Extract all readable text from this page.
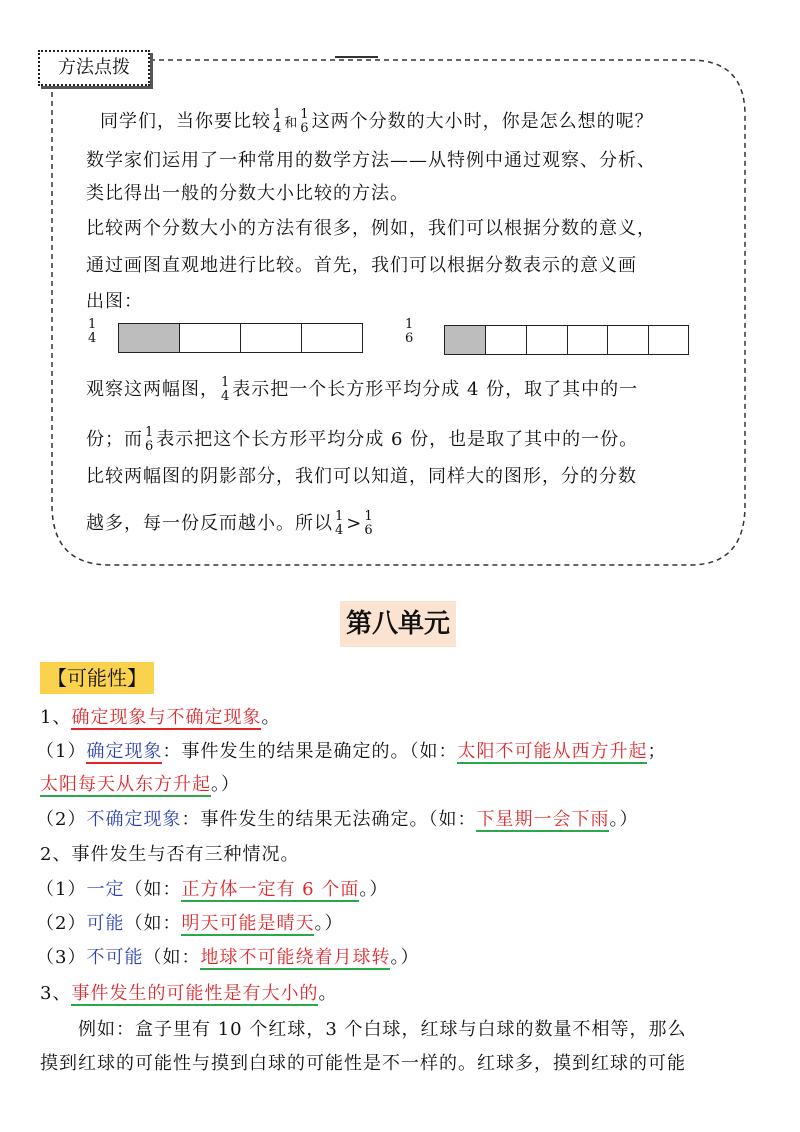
方法点拨
同学们，当你要比较 1
4 和
1
6 这两个分数的大小时，你是怎么想的呢？
数学家们运用了一种常用的数学方法——从特例中通过观察、分析、
类比得出一般的分数大小比较的方法。
比较两个分数大小的方法有很多，例如，我们可以根据分数的意义，
通过画图直观地进行比较。首先，我们可以根据分数表示的意义画
出图：
1
4
1
6
观察这两幅图， 1
4 表示把一个长方形平均分成 4 份，取了其中的一
份；而 1
6 表示把这个长方形平均分成 6 份，也是取了其中的一份。
比较两幅图的阴影部分，我们可以知道，同样大的图形，分的分数
越多，每一份反而越小。所以 1
4 > 1
6
第八单元
【可能性】
1、确定现象与不确定现象。
（1）确定现象：事件发生的结果是确定的。（如：太阳不可能从西方升起；
太阳每天从东方升起。）
（2）不确定现象：事件发生的结果无法确定。（如：下星期一会下雨。）
2、事件发生与否有三种情况。
（1）一定（如：正方体一定有 6 个面。）
（2）可能（如：明天可能是晴天。）
（3）不可能（如：地球不可能绕着月球转。）
3、事件发生的可能性是有大小的。
例如：盒子里有 10 个红球，3 个白球，红球与白球的数量不相等，那么
摸到红球的可能性与摸到白球的可能性是不一样的。红球多，摸到红球的可能
